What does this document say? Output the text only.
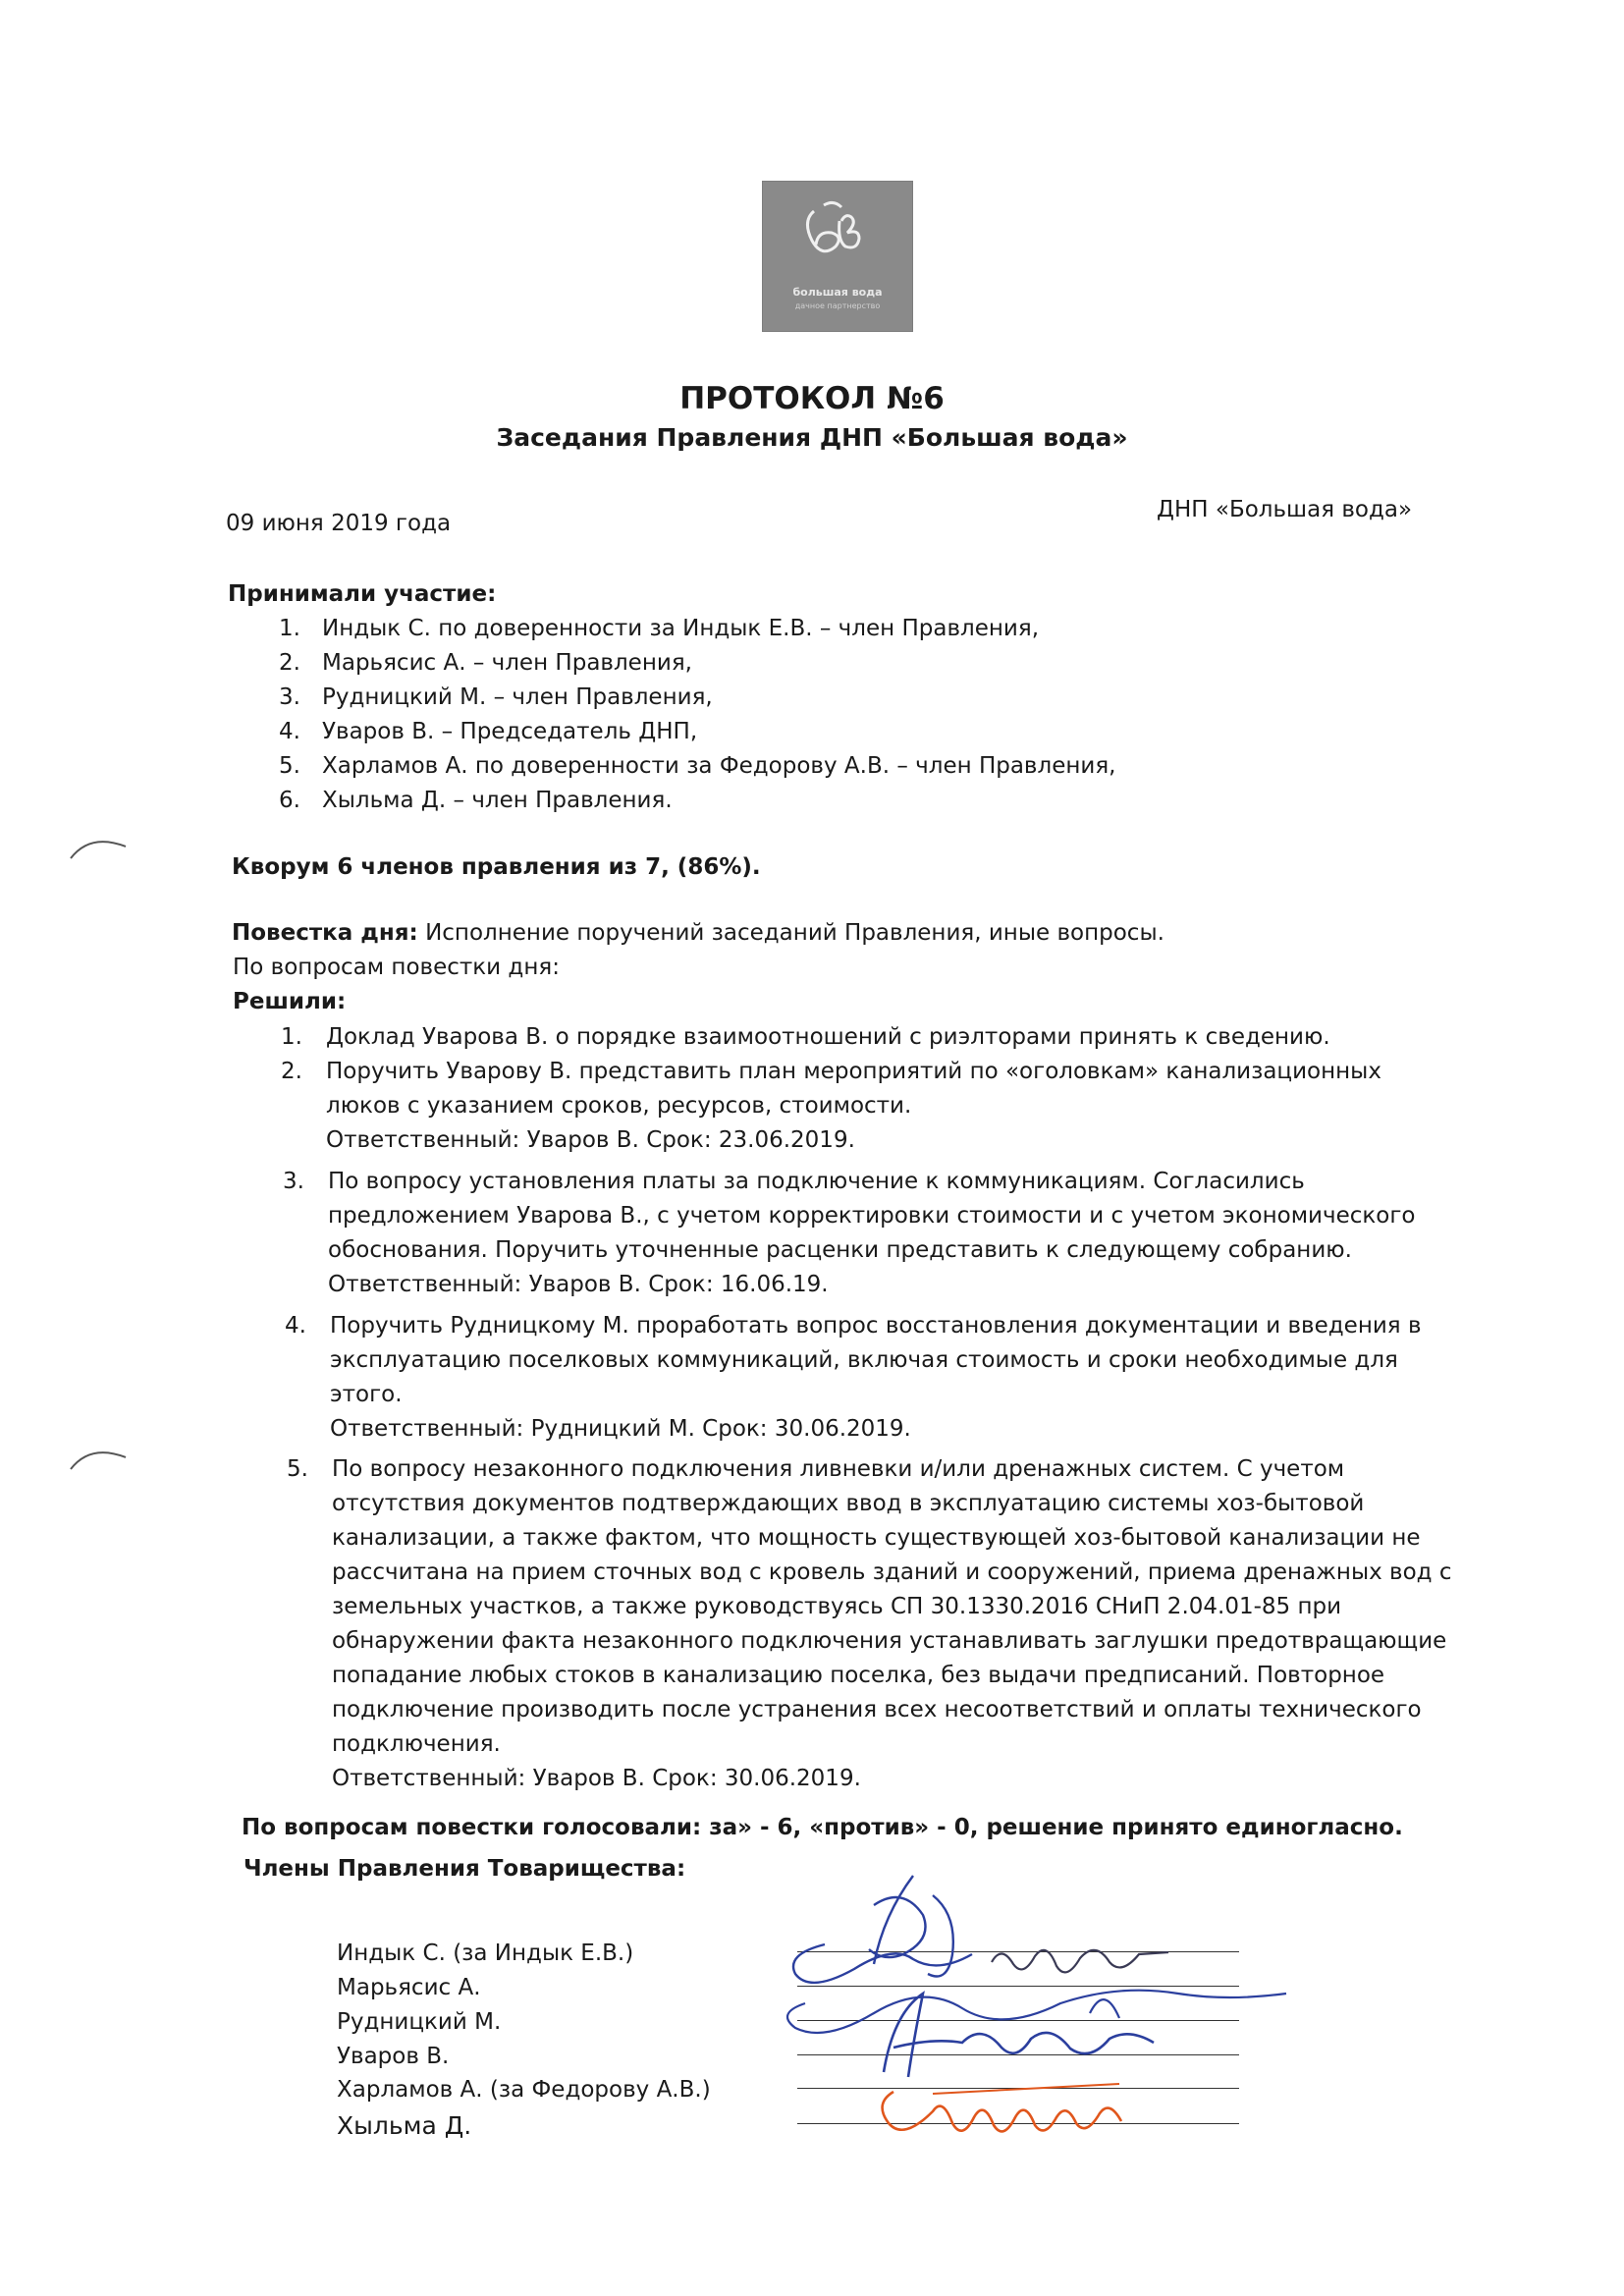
большая вода
дачное партнерство
ПРОТОКОЛ №6
Заседания Правления ДНП «Большая вода»
09 июня 2019 года
ДНП «Большая вода»
Принимали участие:
1. Индык С. по доверенности за Индык Е.В. – член Правления,
2. Марьясис А. – член Правления,
3. Рудницкий М. – член Правления,
4. Уваров В. – Председатель ДНП,
5. Харламов А. по доверенности за Федорову А.В. – член Правления,
6. Хыльма Д. – член Правления.
Кворум 6 членов правления из 7, (86%).
Повестка дня: Исполнение поручений заседаний Правления, иные вопросы.
По вопросам повестки дня:
Решили:
1. Доклад Уварова В. о порядке взаимоотношений с риэлторами принять к сведению.
2. Поручить Уварову В. представить план мероприятий по «оголовкам» канализационных
люков с указанием сроков, ресурсов, стоимости.
Ответственный: Уваров В. Срок: 23.06.2019.
3. По вопросу установления платы за подключение к коммуникациям. Согласились
предложением Уварова В., с учетом корректировки стоимости и с учетом экономического
обоснования. Поручить уточненные расценки представить к следующему собранию.
Ответственный: Уваров В. Срок: 16.06.19.
4. Поручить Рудницкому М. проработать вопрос восстановления документации и введения в
эксплуатацию поселковых коммуникаций, включая стоимость и сроки необходимые для
этого.
Ответственный: Рудницкий М. Срок: 30.06.2019.
5. По вопросу незаконного подключения ливневки и/или дренажных систем. С учетом
отсутствия документов подтверждающих ввод в эксплуатацию системы хоз-бытовой
канализации, а также фактом, что мощность существующей хоз-бытовой канализации не
рассчитана на прием сточных вод с кровель зданий и сооружений, приема дренажных вод с
земельных участков, а также руководствуясь СП 30.1330.2016 СНиП 2.04.01-85 при
обнаружении факта незаконного подключения устанавливать заглушки предотвращающие
попадание любых стоков в канализацию поселка, без выдачи предписаний. Повторное
подключение производить после устранения всех несоответствий и оплаты технического
подключения.
Ответственный: Уваров В. Срок: 30.06.2019.
По вопросам повестки голосовали: за» - 6, «против» - 0, решение принято единогласно.
Члены Правления Товарищества:
Индык С. (за Индык Е.В.)
Марьясис А.
Рудницкий М.
Уваров В.
Харламов А. (за Федорову А.В.)
Хыльма Д.
